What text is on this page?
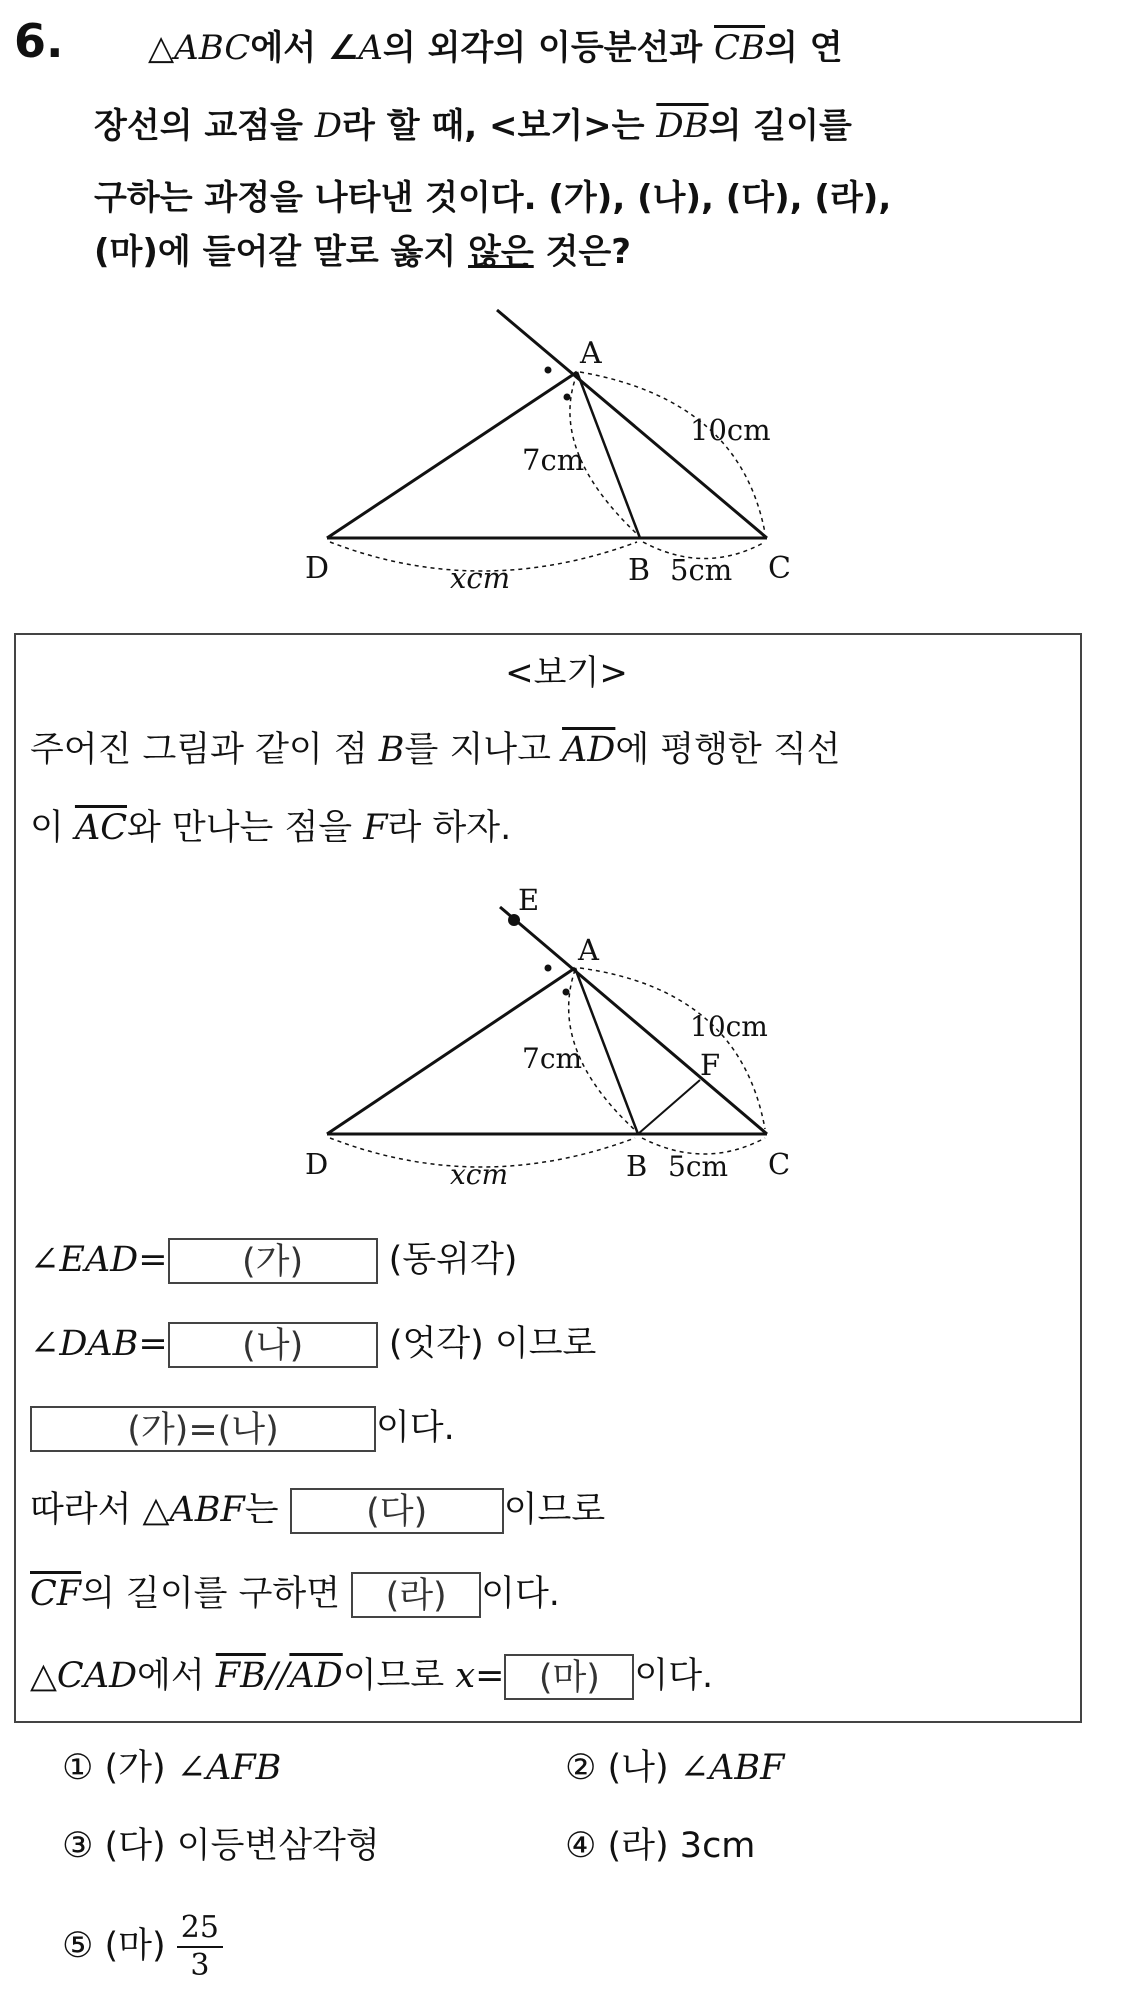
6. △ABC에서 ∠A의 외각의 이등분선과 $\overline{CB}$의 연
장선의 교점을 D라 할 때, <보기>는 $\overline{DB}$의 길이를
구하는 과정을 나타낸 것이다. (가), (나), (다), (라),
(마)에 들어갈 말로 옳지 않은 것은?
A
D	B	C
7cm
10cm
5cm
xcm
<보기>
주어진 그림과 같이 점 B를 지나고 $\overline{AD}$에 평행한 직선
이 $\overline{AC}$와 만나는 점을 F라 하자.
E
A
F
D	B	C
7cm
10cm
5cm
xcm
∠EAD= (가) (동위각)
∠DAB= (나) (엇각) 이므로
(가)=(나)	이다.
따라서 △ABF는 (다) 이므로
$\overline{CF}$의 길이를 구하면 (라) 이다.
△CAD에서 $\overline{FB}//\overline{AD}$이므로 x= (마) 이다.
① (가) ∠AFB	② (나) ∠ABF
③ (다) 이등변삼각형	④ (라) 3cm
⑤ (마) $\frac{25}{3}$
